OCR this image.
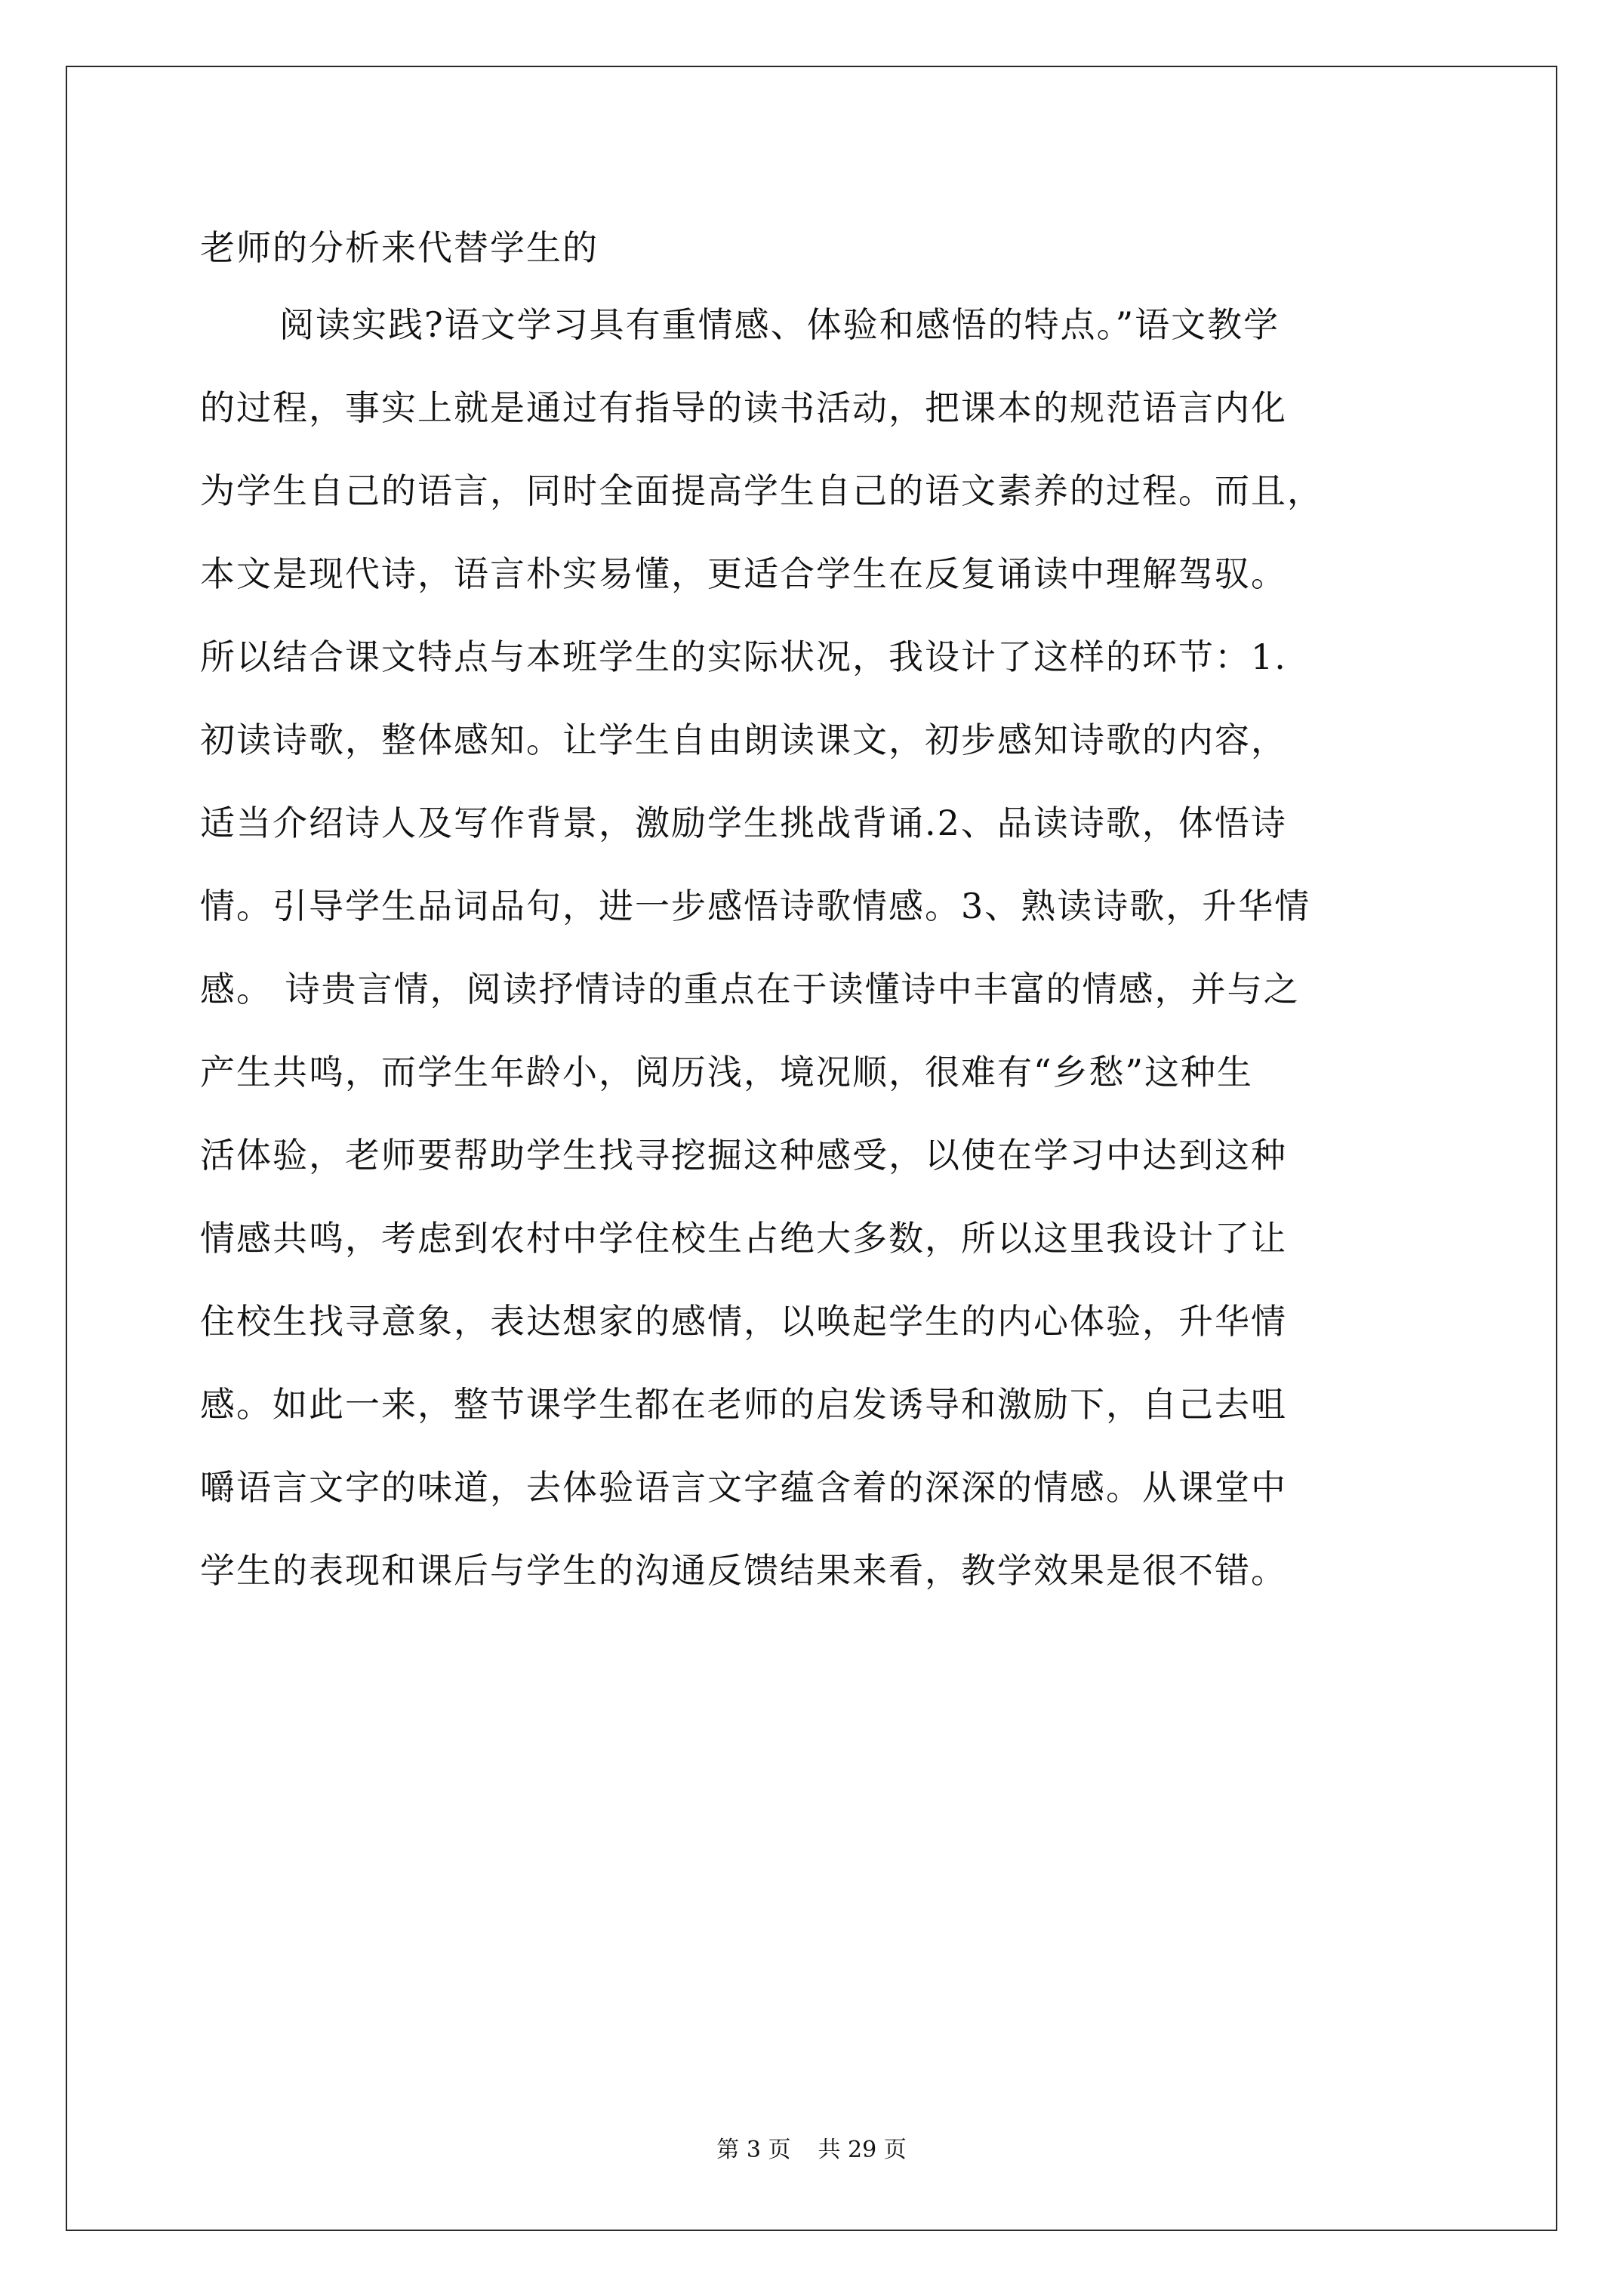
老师的分析来代替学生的
阅读实践?语文学习具有重情感、体验和感悟的特点。”语文教学
的过程，事实上就是通过有指导的读书活动，把课本的规范语言内化
为学生自己的语言，同时全面提高学生自己的语文素养的过程。而且，
本文是现代诗，语言朴实易懂，更适合学生在反复诵读中理解驾驭。
所以结合课文特点与本班学生的实际状况，我设计了这样的环节：1.
初读诗歌，整体感知。让学生自由朗读课文，初步感知诗歌的内容，
适当介绍诗人及写作背景，激励学生挑战背诵.2、品读诗歌，体悟诗
情。引导学生品词品句，进一步感悟诗歌情感。3、熟读诗歌，升华情
感。 诗贵言情，阅读抒情诗的重点在于读懂诗中丰富的情感，并与之
产生共鸣，而学生年龄小，阅历浅，境况顺，很难有“乡愁”这种生
活体验，老师要帮助学生找寻挖掘这种感受，以使在学习中达到这种
情感共鸣，考虑到农村中学住校生占绝大多数，所以这里我设计了让
住校生找寻意象，表达想家的感情，以唤起学生的内心体验，升华情
感。如此一来，整节课学生都在老师的启发诱导和激励下，自己去咀
嚼语言文字的味道，去体验语言文字蕴含着的深深的情感。从课堂中
学生的表现和课后与学生的沟通反馈结果来看，教学效果是很不错。
第 3 页 共 29 页
